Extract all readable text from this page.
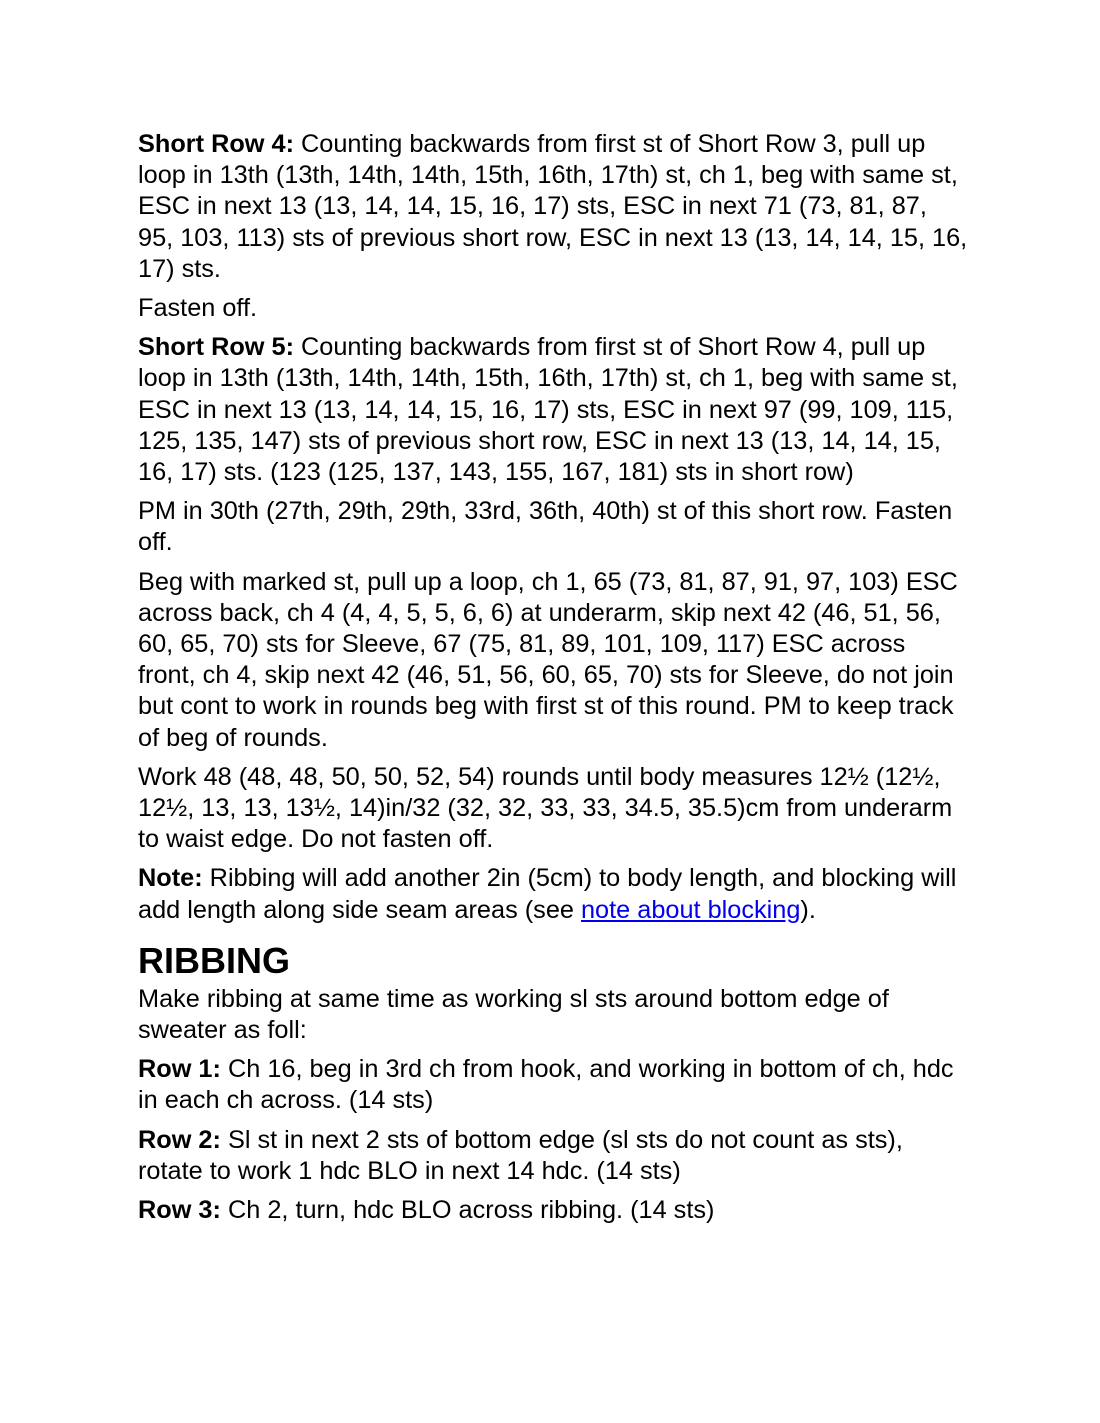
Short Row 4: Counting backwards from first st of Short Row 3, pull up loop in 13th (13th, 14th, 14th, 15th, 16th, 17th) st, ch 1, beg with same st, ESC in next 13 (13, 14, 14, 15, 16, 17) sts, ESC in next 71 (73, 81, 87, 95, 103, 113) sts of previous short row, ESC in next 13 (13, 14, 14, 15, 16, 17) sts.

Fasten off.

Short Row 5: Counting backwards from first st of Short Row 4, pull up loop in 13th (13th, 14th, 14th, 15th, 16th, 17th) st, ch 1, beg with same st, ESC in next 13 (13, 14, 14, 15, 16, 17) sts, ESC in next 97 (99, 109, 115, 125, 135, 147) sts of previous short row, ESC in next 13 (13, 14, 14, 15, 16, 17) sts. (123 (125, 137, 143, 155, 167, 181) sts in short row)

PM in 30th (27th, 29th, 29th, 33rd, 36th, 40th) st of this short row. Fasten off.

Beg with marked st, pull up a loop, ch 1, 65 (73, 81, 87, 91, 97, 103) ESC across back, ch 4 (4, 4, 5, 5, 6, 6) at underarm, skip next 42 (46, 51, 56, 60, 65, 70) sts for Sleeve, 67 (75, 81, 89, 101, 109, 117) ESC across front, ch 4, skip next 42 (46, 51, 56, 60, 65, 70) sts for Sleeve, do not join but cont to work in rounds beg with first st of this round. PM to keep track of beg of rounds.

Work 48 (48, 48, 50, 50, 52, 54) rounds until body measures 12½ (12½, 12½, 13, 13, 13½, 14)in/32 (32, 32, 33, 33, 34.5, 35.5)cm from underarm to waist edge. Do not fasten off.

Note: Ribbing will add another 2in (5cm) to body length, and blocking will add length along side seam areas (see note about blocking).

RIBBING

Make ribbing at same time as working sl sts around bottom edge of sweater as foll:

Row 1: Ch 16, beg in 3rd ch from hook, and working in bottom of ch, hdc in each ch across. (14 sts)

Row 2: Sl st in next 2 sts of bottom edge (sl sts do not count as sts), rotate to work 1 hdc BLO in next 14 hdc. (14 sts)

Row 3: Ch 2, turn, hdc BLO across ribbing. (14 sts)
